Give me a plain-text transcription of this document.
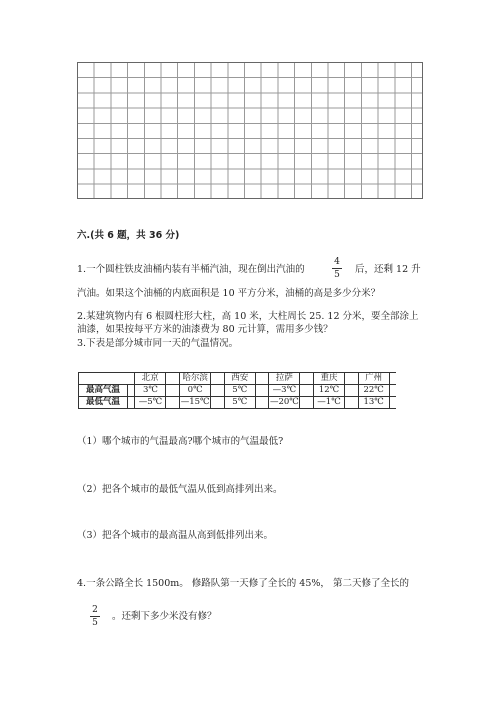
六.(共 6 题，共 36 分)
1.一个圆柱铁皮油桶内装有半桶汽油，现在倒出汽油的
4
5 后，还剩 12 升
汽油。如果这个油桶的内底面积是 10 平方分米，油桶的高是多少分米？
2.某建筑物内有 6 根圆柱形大柱，高 10 米，大柱周长 25. 12 分米，要全部涂上
油漆，如果按每平方米的油漆费为 80 元计算，需用多少钱？
3.下表是部分城市同一天的气温情况。
	北京	哈尔滨	西安	拉萨	重庆	广州
最高气温	3℃	0℃	5℃	—3℃	12℃	22℃
最低气温	—5℃	—15℃	5℃	—20℃	—1℃	13℃
（1）哪个城市的气温最高?哪个城市的气温最低?
（2）把各个城市的最低气温从低到高排列出来。
（3）把各个城市的最高温从高到低排列出来。
4.一条公路全长 1500m。 修路队第一天修了全长的 45%， 第二天修了全长的
2
5
。还剩下多少米没有修？
